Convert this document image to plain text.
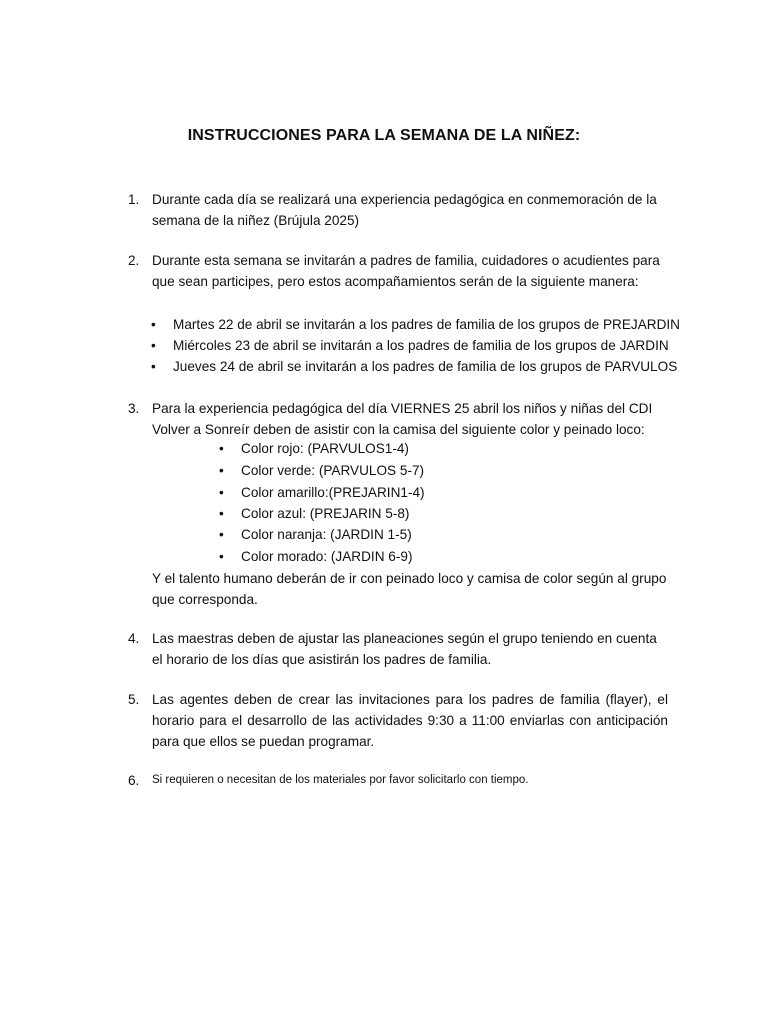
INSTRUCCIONES PARA LA SEMANA DE LA NIÑEZ:
1. Durante cada día se realizará una experiencia pedagógica en conmemoración de la semana de la niñez (Brújula 2025)
2. Durante esta semana se invitarán a padres de familia, cuidadores o acudientes para que sean participes, pero estos acompañamientos serán de la siguiente manera:
• Martes 22 de abril se invitarán a los padres de familia de los grupos de PREJARDIN
• Miércoles 23 de abril se invitarán a los padres de familia de los grupos de JARDIN
• Jueves 24 de abril se invitarán a los padres de familia de los grupos de PARVULOS
3. Para la experiencia pedagógica del día VIERNES 25 abril los niños y niñas del CDI Volver a Sonreír deben de asistir con la camisa del siguiente color y peinado loco:
• Color rojo: (PARVULOS1-4)
• Color verde: (PARVULOS 5-7)
• Color amarillo:(PREJARIN1-4)
• Color azul: (PREJARIN 5-8)
• Color naranja: (JARDIN 1-5)
• Color morado: (JARDIN 6-9)
Y el talento humano deberán de ir con peinado loco y camisa de color según al grupo que corresponda.
4. Las maestras deben de ajustar las planeaciones según el grupo teniendo en cuenta el horario de los días que asistirán los padres de familia.
5. Las agentes deben de crear las invitaciones para los padres de familia (flayer), el horario para el desarrollo de las actividades 9:30 a 11:00 enviarlas con anticipación para que ellos se puedan programar.
6. Si requieren o necesitan de los materiales por favor solicitarlo con tiempo.
